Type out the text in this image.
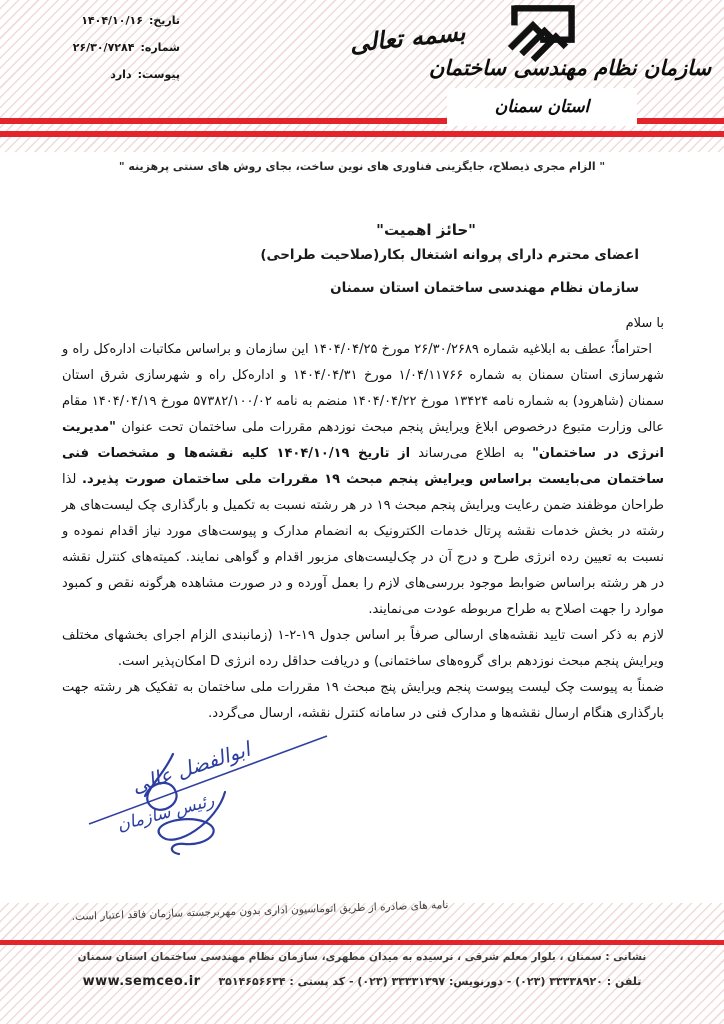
تاریخ:
۱۴۰۴/۱۰/۱۶
شماره:
۲۶/۳۰/۷۲۸۴
پیوست:
دارد
بسمه تعالی
سازمان نظام مهندسی ساختمان
استان سمنان
" الزام مجری ذیصلاح، جایگزینی فناوری های نوین ساخت، بجای روش های سنتی پرهزینه "
"حائز اهمیت"
اعضای محترم دارای پروانه اشتغال بکار(صلاحیت طراحی)
سازمان نظام مهندسی ساختمان استان سمنان

با سلام

احتراماً؛ عطف به ابلاغیه شماره ۲۶/۳۰/۲۶۸۹ مورخ ۱۴۰۴/۰۴/۲۵ این سازمان و براساس مکاتبات اداره‌کل راه و شهرسازی استان سمنان به شماره ۱/۰۴/۱۱۷۶۶ مورخ ۱۴۰۴/۰۴/۳۱ و اداره‌کل راه و شهرسازی شرق استان سمنان (شاهرود) به شماره نامه ۱۳۴۲۴ مورخ ۱۴۰۴/۰۴/۲۲ منضم به نامه ۵۷۳۸۲/۱۰۰/۰۲ مورخ ۱۴۰۴/۰۴/۱۹ مقام عالی وزارت متبوع درخصوص ابلاغ ویرایش پنجم مبحث نوزدهم مقررات ملی ساختمان تحت عنوان "مدیریت انرژی در ساختمان" به اطلاع می‌رساند از تاریخ ۱۴۰۴/۱۰/۱۹ کلیه نقشه‌ها و مشخصات فنی ساختمان می‌بایست براساس ویرایش پنجم مبحث ۱۹ مقررات ملی ساختمان صورت پذیرد. لذا طراحان موظفند ضمن رعایت ویرایش پنجم مبحث ۱۹ در هر رشته نسبت به تکمیل و بارگذاری چک لیست‌های هر رشته در بخش خدمات نقشه پرتال خدمات الکترونیک به انضمام مدارک و پیوست‌های مورد نیاز اقدام نموده و نسبت به تعیین رده انرژی طرح و درج آن در چک‌لیست‌های مزبور اقدام و گواهی نمایند. کمیته‌های کنترل نقشه در هر رشته براساس ضوابط موجود بررسی‌های لازم را بعمل آورده و در صورت مشاهده هرگونه نقص و کمبود موارد را جهت اصلاح به طراح مربوطه عودت می‌نمایند.

لازم به ذکر است تایید نقشه‌های ارسالی صرفاً بر اساس جدول ۱۹-۲-۱ (زمانبندی الزام اجرای بخشهای مختلف ویرایش پنجم مبحث نوزدهم برای گروه‌های ساختمانی) و دریافت حداقل رده انرژی D امکان‌پذیر است.

ضمناً به پیوست چک لیست پیوست پنجم ویرایش پنج مبحث ۱۹ مقررات ملی ساختمان به تفکیک هر رشته جهت بارگذاری هنگام ارسال نقشه‌ها و مدارک فنی در سامانه کنترل نقشه، ارسال می‌گردد.

ابوالفضل عالی
رئیس سازمان
نامه های صادره از طریق اتوماسیون اداری بدون مهربرجسته سازمان فاقد اعتبار است.
نشانی : سمنان ، بلوار معلم شرقی ، نرسیده به میدان مطهری، سازمان نظام مهندسی ساختمان استان سمنان
تلفن : ۳۳۳۳۸۹۲۰ (۰۲۳) - دورنویس: ۳۳۳۳۱۳۹۷ (۰۲۳) - کد پستی : ۳۵۱۴۶۵۶۶۳۴ www.semceo.ir
